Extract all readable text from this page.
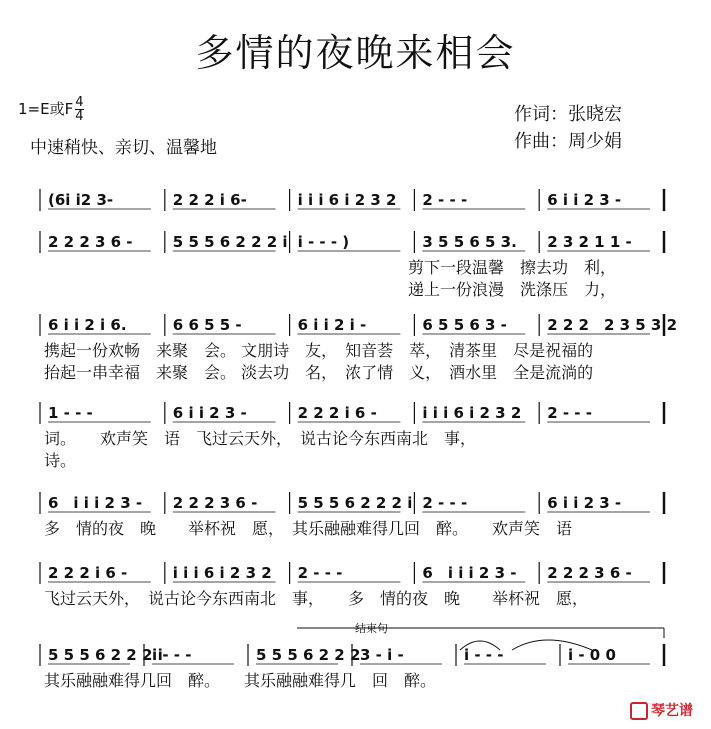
多情的夜晚来相会
1=E或F $\frac{4}{4}$
中速稍快、亲切、温馨地
作词：张晓宏
作曲：周少娟
(6i i2 3-	2 2 2 i 6-	i i i 6 i 2 3 2 2 - - -	6 i i 2 3 -
2 2 2 3 6 -	5 5 5 6 2 2 2 i i - - - )	3 5 5 6 5 3. 2 3 2 1 1 -
剪下一段温馨　擦去功　利，
递上一份浪漫　洗涤压　力，
6 i i 2 i 6.	6 6 5 5 -	6 i i 2 i -	6 5 5 6 3 -	2 2 2　2 3 5 3 2
携起一份欢畅　来聚　会。 文朋诗　友，　知音荟　萃，　清茶里　尽是祝福的
抬起一串幸福　来聚　会。 淡去功　名，　浓了情　义，　酒水里　全是流淌的
1 - - -	6 i i 2 3 -	2 2 2 i 6 -	i i i 6 i 2 3 2 2 - - -
词。　　欢声笑　语　飞过云天外，　说古论今东西南北　事，
诗。
6　i i i 2 3 - 2 2 2 3 6 -	5 5 5 6 2 2 2 i 2 - - -	6 i i 2 3 -
多　情的夜　晚　　举杯祝　愿，　其乐融融难得几回　醉。　　欢声笑　语
2 2 2 i 6 -	i i i 6 i 2 3 2 2 - - -	6　i i i 2 3 - 2 2 2 3 6 -
飞过云天外，　说古论今东西南北　事，　　多　情的夜　晚　　举杯祝　愿，
5 5 5 6 2 2 2 i
i - - -	5 5 5 6 2 2 2 3 - i -	i - - -	i - 0 0
其乐融融难得几回　醉。　　其乐融融难得几　回　醉。
结束句
琴艺谱
